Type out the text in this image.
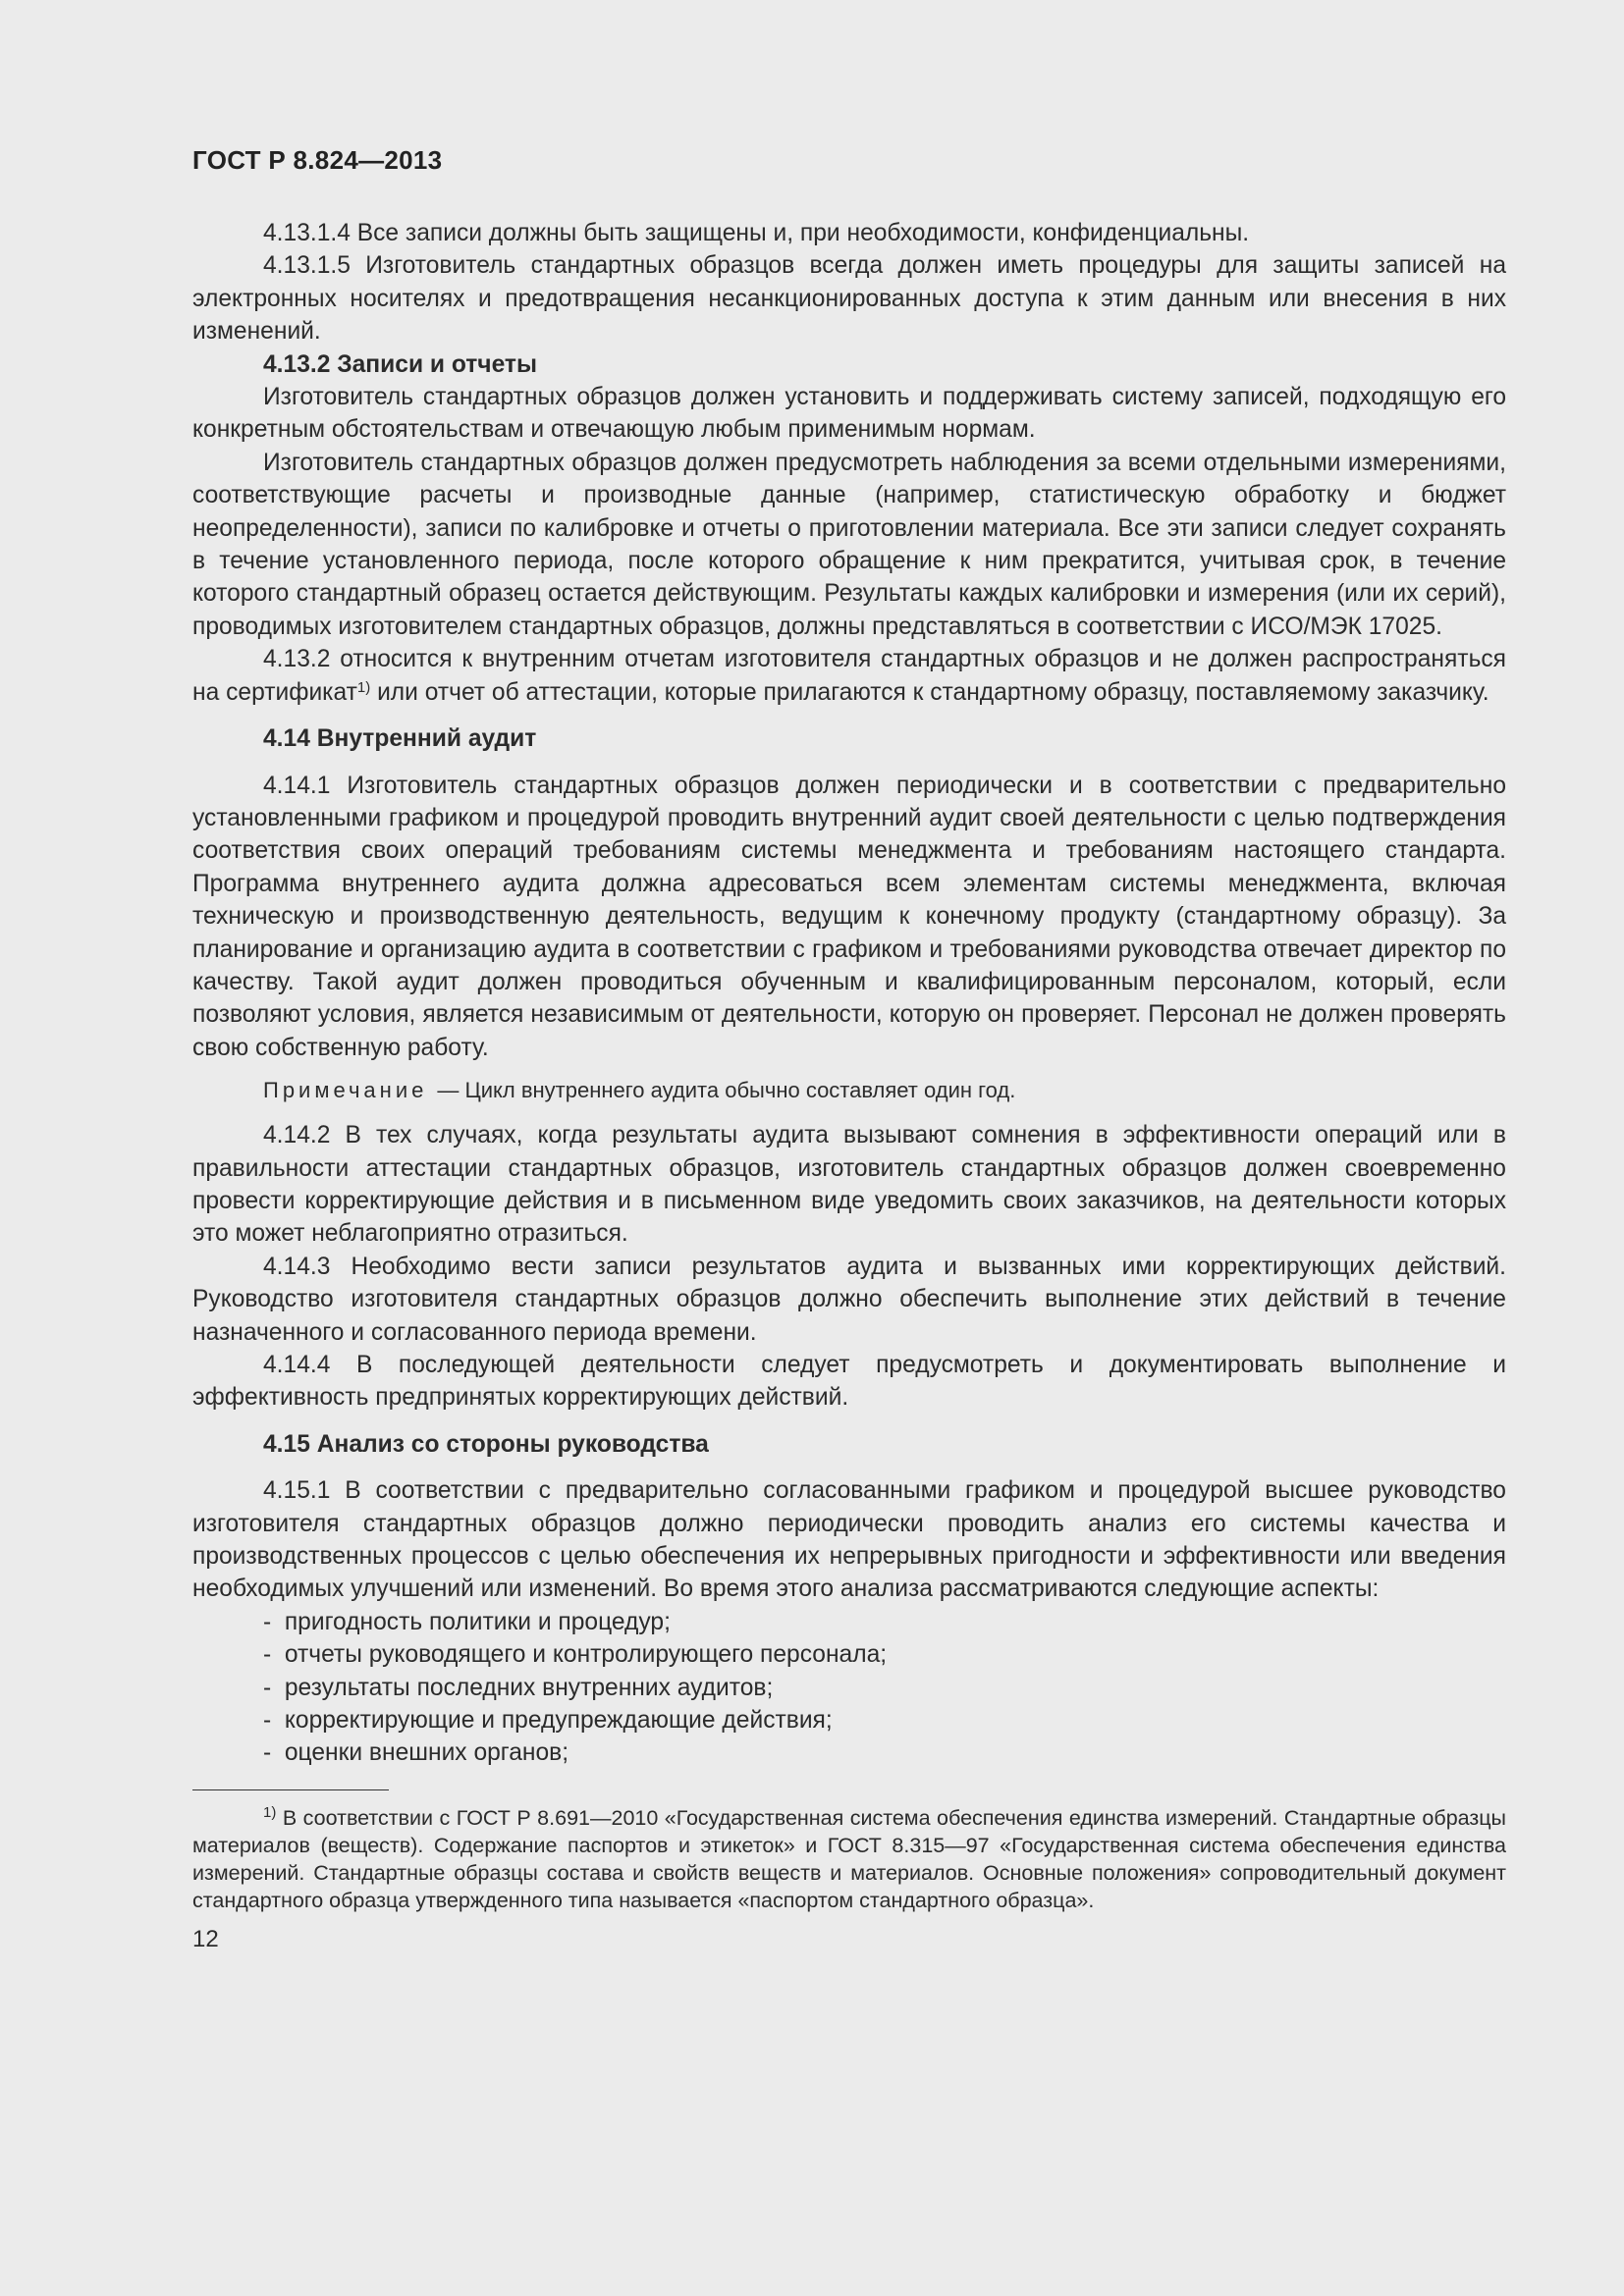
ГОСТ Р 8.824—2013

4.13.1.4 Все записи должны быть защищены и, при необходимости, конфиденциальны.

4.13.1.5 Изготовитель стандартных образцов всегда должен иметь процедуры для защиты записей на электронных носителях и предотвращения несанкционированных доступа к этим данным или внесения в них изменений.

4.13.2 Записи и отчеты

Изготовитель стандартных образцов должен установить и поддерживать систему записей, подходящую его конкретным обстоятельствам и отвечающую любым применимым нормам.

Изготовитель стандартных образцов должен предусмотреть наблюдения за всеми отдельными измерениями, соответствующие расчеты и производные данные (например, статистическую обработку и бюджет неопределенности), записи по калибровке и отчеты о приготовлении материала. Все эти записи следует сохранять в течение установленного периода, после которого обращение к ним прекратится, учитывая срок, в течение которого стандартный образец остается действующим. Результаты каждых калибровки и измерения (или их серий), проводимых изготовителем стандартных образцов, должны представляться в соответствии с ИСО/МЭК 17025.

4.13.2 относится к внутренним отчетам изготовителя стандартных образцов и не должен распространяться на сертификат$^{1)}$ или отчет об аттестации, которые прилагаются к стандартному образцу, поставляемому заказчику.

4.14 Внутренний аудит

4.14.1 Изготовитель стандартных образцов должен периодически и в соответствии с предварительно установленными графиком и процедурой проводить внутренний аудит своей деятельности с целью подтверждения соответствия своих операций требованиям системы менеджмента и требованиям настоящего стандарта. Программа внутреннего аудита должна адресоваться всем элементам системы менеджмента, включая техническую и производственную деятельность, ведущим к конечному продукту (стандартному образцу). За планирование и организацию аудита в соответствии с графиком и требованиями руководства отвечает директор по качеству. Такой аудит должен проводиться обученным и квалифицированным персоналом, который, если позволяют условия, является независимым от деятельности, которую он проверяет. Персонал не должен проверять свою собственную работу.

Примечание — Цикл внутреннего аудита обычно составляет один год.

4.14.2 В тех случаях, когда результаты аудита вызывают сомнения в эффективности операций или в правильности аттестации стандартных образцов, изготовитель стандартных образцов должен своевременно провести корректирующие действия и в письменном виде уведомить своих заказчиков, на деятельности которых это может неблагоприятно отразиться.

4.14.3 Необходимо вести записи результатов аудита и вызванных ими корректирующих действий. Руководство изготовителя стандартных образцов должно обеспечить выполнение этих действий в течение назначенного и согласованного периода времени.

4.14.4 В последующей деятельности следует предусмотреть и документировать выполнение и эффективность предпринятых корректирующих действий.

4.15 Анализ со стороны руководства

4.15.1 В соответствии с предварительно согласованными графиком и процедурой высшее руководство изготовителя стандартных образцов должно периодически проводить анализ его системы качества и производственных процессов с целью обеспечения их непрерывных пригодности и эффективности или введения необходимых улучшений или изменений. Во время этого анализа рассматриваются следующие аспекты:

-  пригодность политики и процедур;
-  отчеты руководящего и контролирующего персонала;
-  результаты последних внутренних аудитов;
-  корректирующие и предупреждающие действия;
-  оценки внешних органов;

$^{1)}$ В соответствии с ГОСТ Р 8.691—2010 «Государственная система обеспечения единства измерений. Стандартные образцы материалов (веществ). Содержание паспортов и этикеток» и ГОСТ 8.315—97 «Государственная система обеспечения единства измерений. Стандартные образцы состава и свойств веществ и материалов. Основные положения» сопроводительный документ стандартного образца утвержденного типа называется «паспортом стандартного образца».

12
